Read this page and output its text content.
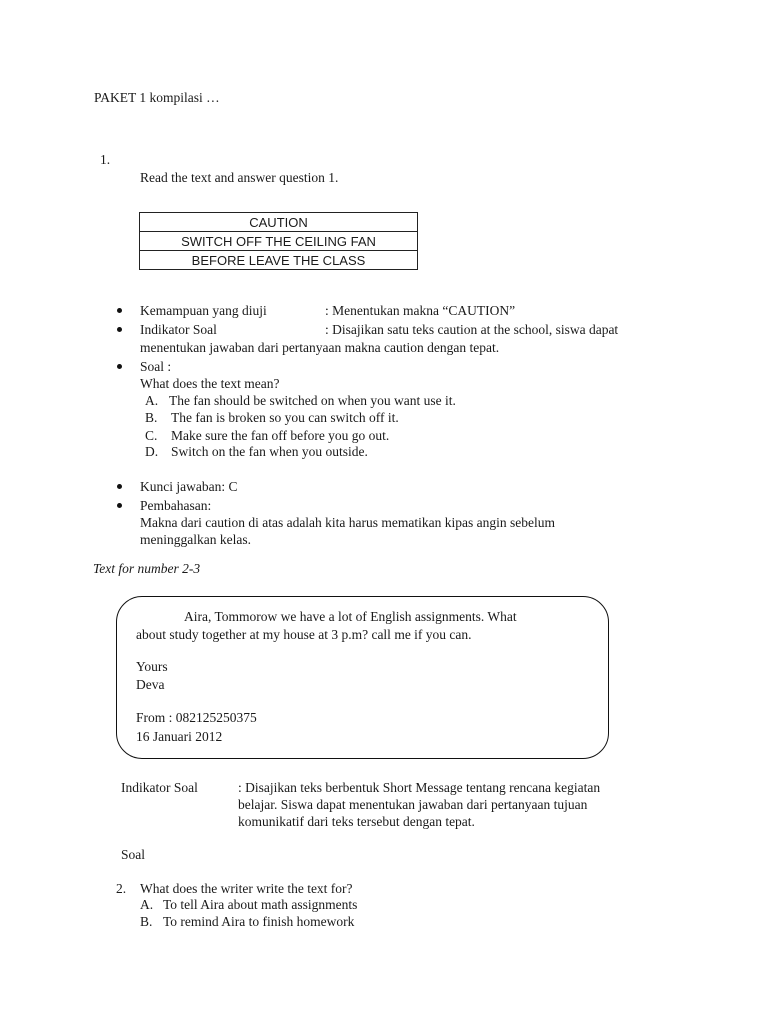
PAKET 1 kompilasi …
1.
Read the text and answer question 1.
CAUTION
SWITCH OFF THE CEILING FAN
BEFORE LEAVE THE CLASS
Kemampuan yang diuji	: Menentukan makna “CAUTION”
Indikator Soal	: Disajikan satu teks caution at the school, siswa dapat
menentukan jawaban dari pertanyaan makna caution dengan tepat.
Soal :
What does the text mean?
A. The fan should be switched on when you want use it.
B. The fan is broken so you can switch off it.
C. Make sure the fan off before you go out.
D. Switch on the fan when you outside.
Kunci jawaban: C
Pembahasan:
Makna dari caution di atas adalah kita harus mematikan kipas angin sebelum
meninggalkan kelas.
Text for number 2-3
Aira, Tommorow we have a lot of English assignments. What
about study together at my house at 3 p.m? call me if you can.
Yours
Deva
From : 082125250375
16 Januari 2012
Indikator Soal	: Disajikan teks berbentuk Short Message tentang rencana kegiatan
belajar. Siswa dapat menentukan jawaban dari pertanyaan tujuan
komunikatif dari teks tersebut dengan tepat.
Soal
2. What does the writer write the text for?
A. To tell Aira about math assignments
B. To remind Aira to finish homework
